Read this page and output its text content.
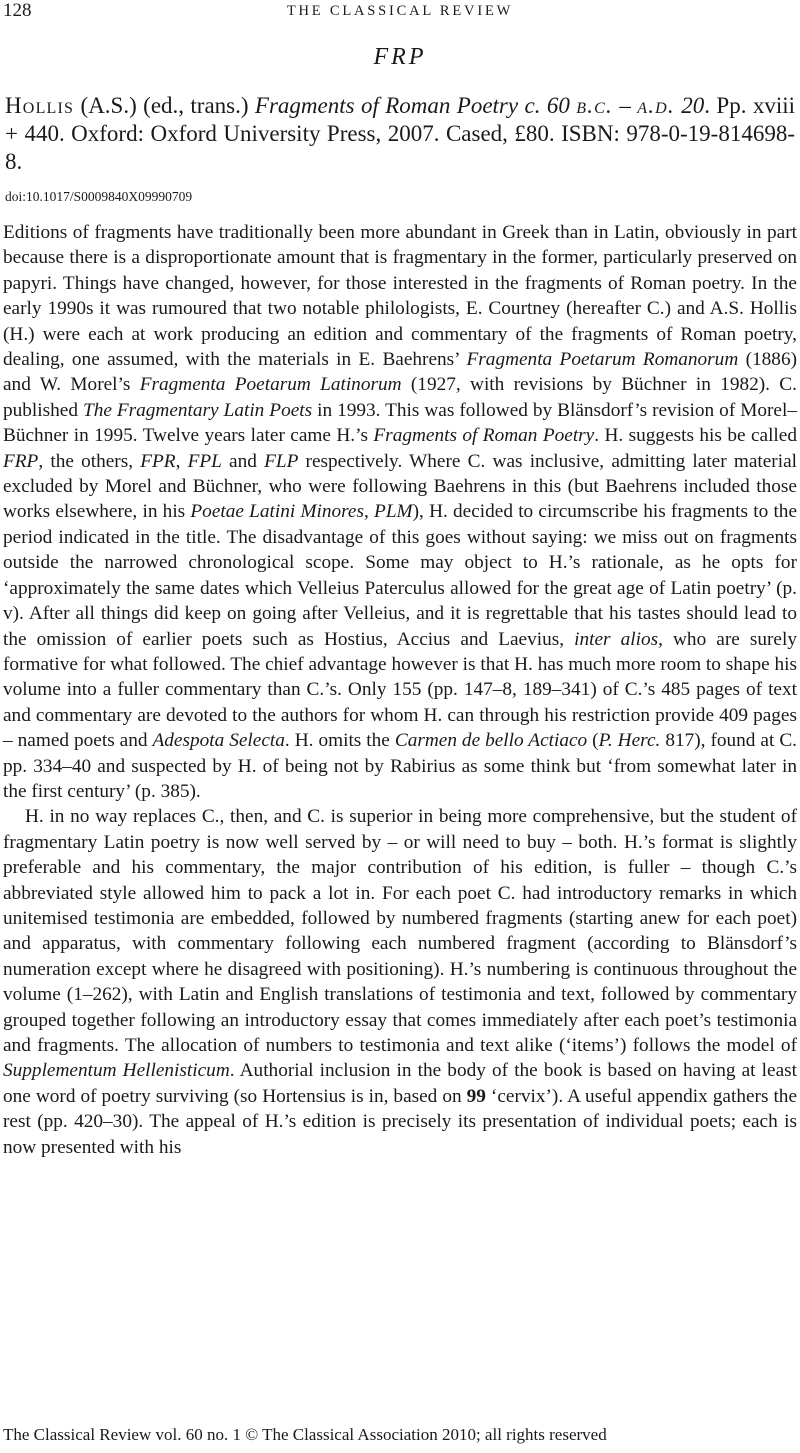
128	THE CLASSICAL REVIEW
FRP
Hollis (A.S.) (ed., trans.) Fragments of Roman Poetry c. 60 b.c. – a.d. 20. Pp. xviii + 440. Oxford: Oxford University Press, 2007. Cased, £80. ISBN: 978-0-19-814698-8.
doi:10.1017/S0009840X09990709

Editions of fragments have traditionally been more abundant in Greek than in Latin, obviously in part because there is a disproportionate amount that is fragmentary in the former, particularly preserved on papyri. Things have changed, however, for those interested in the fragments of Roman poetry. In the early 1990s it was rumoured that two notable philologists, E. Courtney (hereafter C.) and A.S. Hollis (H.) were each at work producing an edition and commentary of the fragments of Roman poetry, dealing, one assumed, with the materials in E. Baehrens’ Fragmenta Poetarum Romanorum (1886) and W. Morel’s Fragmenta Poetarum Latinorum (1927, with revisions by Büchner in 1982). C. published The Fragmentary Latin Poets in 1993. This was followed by Blänsdorf’s revision of Morel–Büchner in 1995. Twelve years later came H.’s Fragments of Roman Poetry. H. suggests his be called FRP, the others, FPR, FPL and FLP respectively. Where C. was inclusive, admitting later material excluded by Morel and Büchner, who were following Baehrens in this (but Baehrens included those works elsewhere, in his Poetae Latini Minores, PLM), H. decided to circumscribe his fragments to the period indicated in the title. The disadvantage of this goes without saying: we miss out on fragments outside the narrowed chronological scope. Some may object to H.’s rationale, as he opts for ‘approximately the same dates which Velleius Paterculus allowed for the great age of Latin poetry’ (p. v). After all things did keep on going after Velleius, and it is regrettable that his tastes should lead to the omission of earlier poets such as Hostius, Accius and Laevius, inter alios, who are surely formative for what followed. The chief advantage however is that H. has much more room to shape his volume into a fuller commentary than C.’s. Only 155 (pp. 147–8, 189–341) of C.’s 485 pages of text and commentary are devoted to the authors for whom H. can through his restriction provide 409 pages – named poets and Adespota Selecta. H. omits the Carmen de bello Actiaco (P. Herc. 817), found at C. pp. 334–40 and suspected by H. of being not by Rabirius as some think but ‘from somewhat later in the first century’ (p. 385).

H. in no way replaces C., then, and C. is superior in being more comprehensive, but the student of fragmentary Latin poetry is now well served by – or will need to buy – both. H.’s format is slightly preferable and his commentary, the major contribution of his edition, is fuller – though C.’s abbreviated style allowed him to pack a lot in. For each poet C. had introductory remarks in which unitemised testimonia are embedded, followed by numbered fragments (starting anew for each poet) and apparatus, with commentary following each numbered fragment (according to Blänsdorf’s numeration except where he disagreed with positioning). H.’s numbering is continuous throughout the volume (1–262), with Latin and English translations of testimonia and text, followed by commentary grouped together following an introductory essay that comes immediately after each poet’s testimonia and fragments. The allocation of numbers to testimonia and text alike (‘items’) follows the model of Supplementum Hellenisticum. Authorial inclusion in the body of the book is based on having at least one word of poetry surviving (so Hortensius is in, based on 99 ‘cervix’). A useful appendix gathers the rest (pp. 420–30). The appeal of H.’s edition is precisely its presentation of individual poets; each is now presented with his

The Classical Review vol. 60 no. 1 © The Classical Association 2010; all rights reserved
